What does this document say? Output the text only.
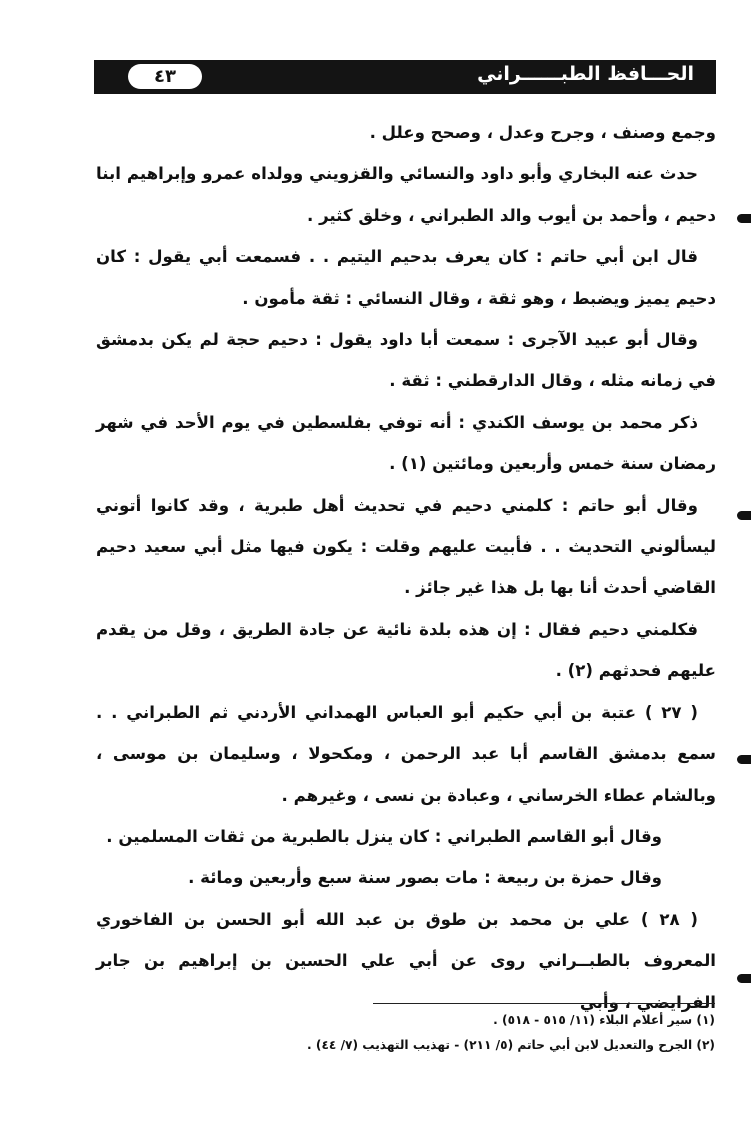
الحـــافظ الطبــــــراني
٤٣

وجمع وصنف ، وجرح وعدل ، وصحح وعلل .

حدث عنه البخاري وأبو داود والنسائي والقزويني وولداه عمرو وإبراهيم ابنا دحيم ، وأحمد بن أيوب والد الطبراني ، وخلق كثير .

قال ابن أبي حاتم : كان يعرف بدحيم اليتيم . . فسمعت أبي يقول : كان دحيم يميز ويضبط ، وهو ثقة ، وقال النسائي : ثقة مأمون .

وقال أبو عبيد الآجرى : سمعت أبا داود يقول : دحيم حجة لم يكن بدمشق في زمانه مثله ، وقال الدارقطني : ثقة .

ذكر محمد بن يوسف الكندي : أنه توفي بفلسطين في يوم الأحد في شهر رمضان سنة خمس وأربعين ومائتين (١) .

وقال أبو حاتم : كلمني دحيم في تحديث أهل طبرية ، وقد كانوا أتوني ليسألوني التحديث . . فأبيت عليهم وقلت : يكون فيها مثل أبي سعيد دحيم القاضي أحدث أنا بها بل هذا غير جائز .

فكلمني دحيم فقال : إن هذه بلدة نائية عن جادة الطريق ، وقل من يقدم عليهم فحدثهم (٢) .

( ٢٧ ) عتبة بن أبي حكيم أبو العباس الهمداني الأردني ثم الطبراني . . سمع بدمشق القاسم أبا عبد الرحمن ، ومكحولا ، وسليمان بن موسى ، وبالشام عطاء الخرساني ، وعبادة بن نسى ، وغيرهم .

وقال أبو القاسم الطبراني : كان ينزل بالطبرية من ثقات المسلمين .

وقال حمزة بن ربيعة : مات بصور سنة سبع وأربعين ومائة .

( ٢٨ ) علي بن محمد بن طوق بن عبد الله أبو الحسن بن الفاخوري المعروف بالطبــراني روى عن أبي علي الحسين بن إبراهيم بن جابر الفرايضي ، وأبي

(١) سير أعلام البلاء (١١/ ٥١٥ - ٥١٨) .

(٢) الجرح والتعديل لابن أبي حاتم (٥/ ٢١١) - تهذيب التهذيب (٧/ ٤٤) .
